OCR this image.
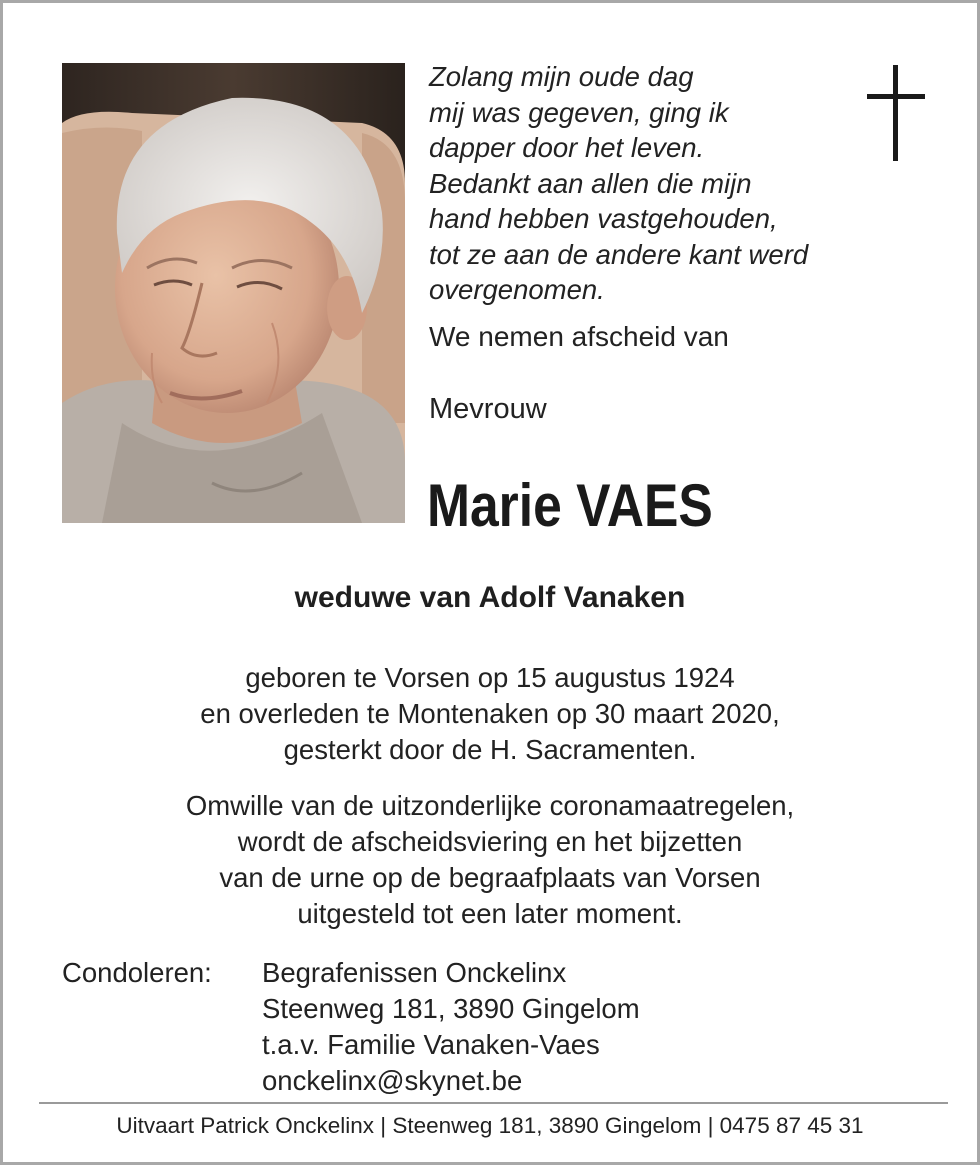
Zolang mijn oude dag
mij was gegeven, ging ik
dapper door het leven.
Bedankt aan allen die mijn
hand hebben vastgehouden,
tot ze aan de andere kant werd
overgenomen.
We nemen afscheid van
Mevrouw
Marie VAES
weduwe van Adolf Vanaken
geboren te Vorsen op 15 augustus 1924
en overleden te Montenaken op 30 maart 2020,
gesterkt door de H. Sacramenten.
Omwille van de uitzonderlijke coronamaatregelen,
wordt de afscheidsviering en het bijzetten
van de urne op de begraafplaats van Vorsen
uitgesteld tot een later moment.
Condoleren: Begrafenissen Onckelinx
Steenweg 181, 3890 Gingelom
t.a.v. Familie Vanaken-Vaes
onckelinx@skynet.be
Uitvaart Patrick Onckelinx | Steenweg 181, 3890 Gingelom | 0475 87 45 31
